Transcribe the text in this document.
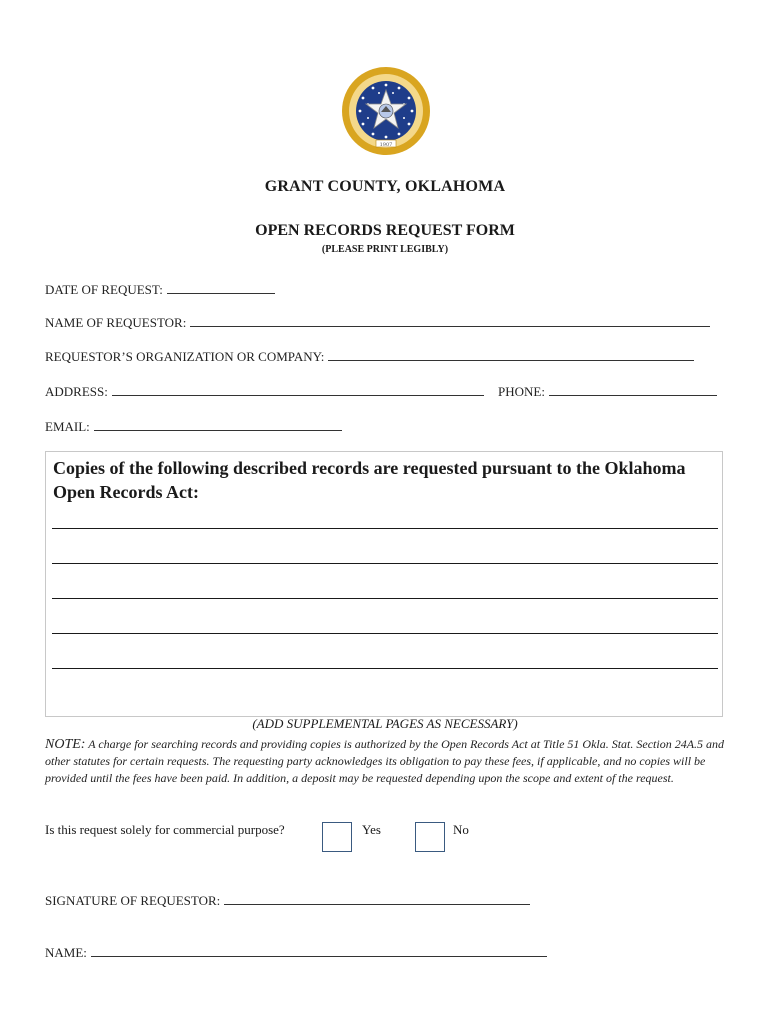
1907
GRANT COUNTY, OKLAHOMA
OPEN RECORDS REQUEST FORM
(PLEASE PRINT LEGIBLY)
DATE OF REQUEST:
NAME OF REQUESTOR:
REQUESTOR’S ORGANIZATION OR COMPANY:
ADDRESS:	PHONE:
EMAIL:
Copies of the following described records are requested pursuant to the Oklahoma Open Records Act:
(ADD SUPPLEMENTAL PAGES AS NECESSARY)
NOTE: A charge for searching records and providing copies is authorized by the Open Records Act at Title 51 Okla. Stat. Section 24A.5 and other statutes for certain requests. The requesting party acknowledges its obligation to pay these fees, if applicable, and no copies will be provided until the fees have been paid. In addition, a deposit may be requested depending upon the scope and extent of the request.
Is this request solely for commercial purpose?	Yes	No
SIGNATURE OF REQUESTOR:
NAME:
